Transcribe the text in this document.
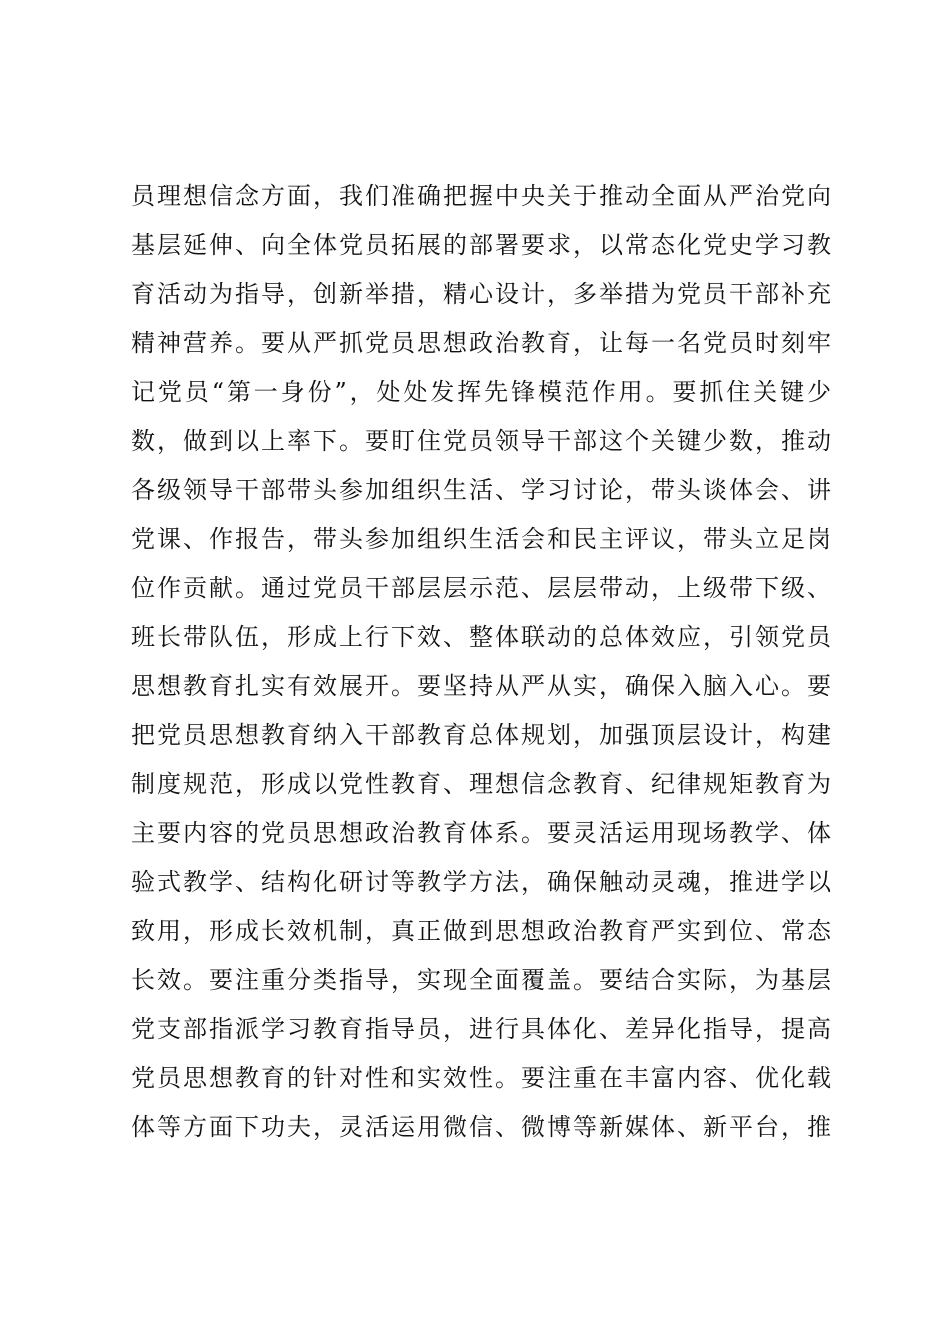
员理想信念方面，我们准确把握中央关于推动全面从严治党向
基层延伸、向全体党员拓展的部署要求，以常态化党史学习教
育活动为指导，创新举措，精心设计，多举措为党员干部补充
精神营养。要从严抓党员思想政治教育，让每一名党员时刻牢
记党员“第一身份”，处处发挥先锋模范作用。要抓住关键少
数，做到以上率下。要盯住党员领导干部这个关键少数，推动
各级领导干部带头参加组织生活、学习讨论，带头谈体会、讲
党课、作报告，带头参加组织生活会和民主评议，带头立足岗
位作贡献。通过党员干部层层示范、层层带动，上级带下级、
班长带队伍，形成上行下效、整体联动的总体效应，引领党员
思想教育扎实有效展开。要坚持从严从实，确保入脑入心。要
把党员思想教育纳入干部教育总体规划，加强顶层设计，构建
制度规范，形成以党性教育、理想信念教育、纪律规矩教育为
主要内容的党员思想政治教育体系。要灵活运用现场教学、体
验式教学、结构化研讨等教学方法，确保触动灵魂，推进学以
致用，形成长效机制，真正做到思想政治教育严实到位、常态
长效。要注重分类指导，实现全面覆盖。要结合实际，为基层
党支部指派学习教育指导员，进行具体化、差异化指导，提高
党员思想教育的针对性和实效性。要注重在丰富内容、优化载
体等方面下功夫，灵活运用微信、微博等新媒体、新平台，推
